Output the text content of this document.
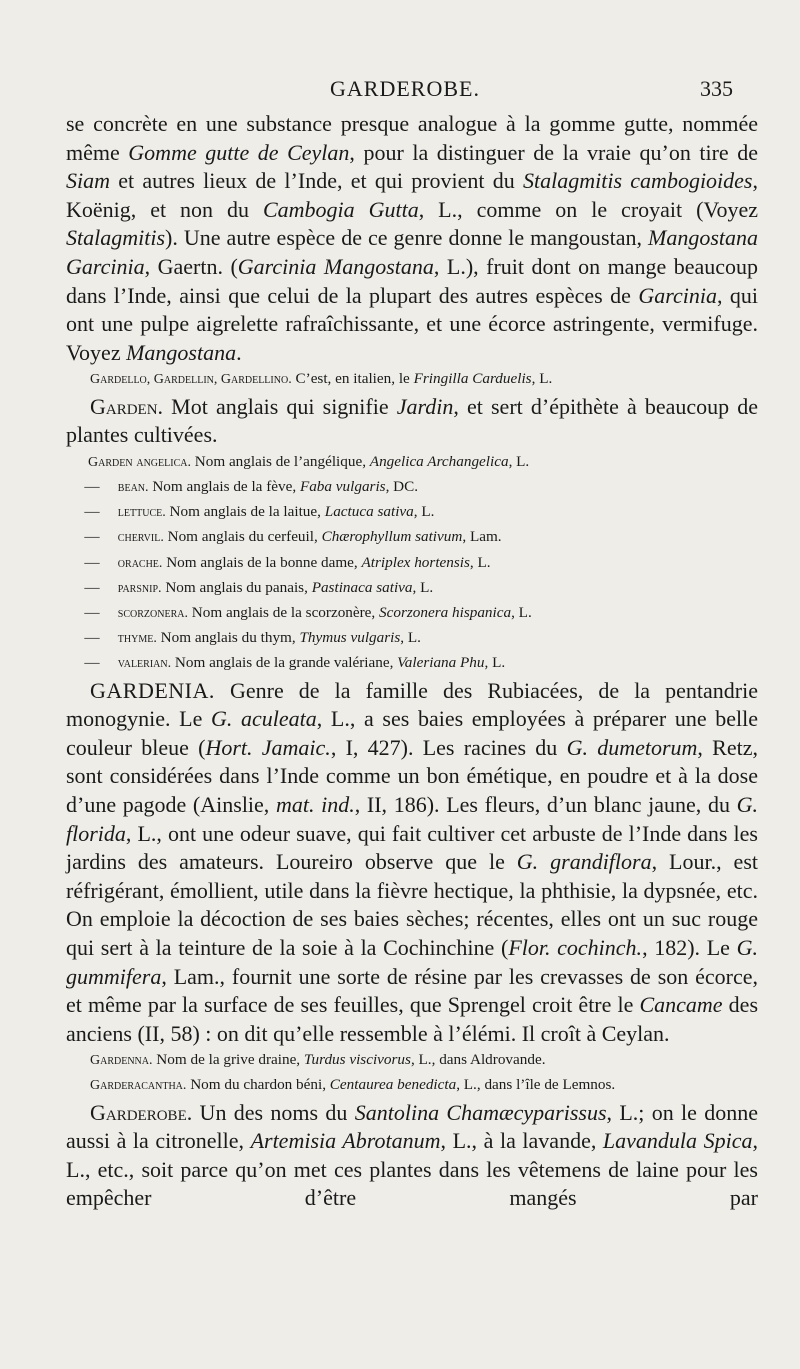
GARDEROBE.	335

se concrète en une substance presque analogue à la gomme gutte, nommée même Gomme gutte de Ceylan, pour la distinguer de la vraie qu’on tire de Siam et autres lieux de l’Inde, et qui provient du Stalagmitis cambogioides, Koënig, et non du Cambogia Gutta, L., comme on le croyait (Voyez Stalagmitis). Une autre espèce de ce genre donne le mangoustan, Mangostana Garcinia, Gaertn. (Garcinia Mangostana, L.), fruit dont on mange beaucoup dans l’Inde, ainsi que celui de la plupart des autres espèces de Garcinia, qui ont une pulpe aigrelette rafraîchissante, et une écorce astringente, vermifuge. Voyez Mangostana.

Gardello, Gardellin, Gardellino. C’est, en italien, le Fringilla Carduelis, L.

Garden. Mot anglais qui signifie Jardin, et sert d’épithète à beaucoup de plantes cultivées.

Garden angelica. Nom anglais de l’angélique, Angelica Archangelica, L.

— bean. Nom anglais de la fève, Faba vulgaris, DC.

— lettuce. Nom anglais de la laitue, Lactuca sativa, L.

— chervil. Nom anglais du cerfeuil, Chærophyllum sativum, Lam.

— orache. Nom anglais de la bonne dame, Atriplex hortensis, L.

— parsnip. Nom anglais du panais, Pastinaca sativa, L.

— scorzonera. Nom anglais de la scorzonère, Scorzonera hispanica, L.

— thyme. Nom anglais du thym, Thymus vulgaris, L.

— valerian. Nom anglais de la grande valériane, Valeriana Phu, L.

GARDENIA. Genre de la famille des Rubiacées, de la pentandrie monogynie. Le G. aculeata, L., a ses baies employées à préparer une belle couleur bleue (Hort. Jamaic., I, 427). Les racines du G. dumetorum, Retz, sont considérées dans l’Inde comme un bon émétique, en poudre et à la dose d’une pagode (Ainslie, mat. ind., II, 186). Les fleurs, d’un blanc jaune, du G. florida, L., ont une odeur suave, qui fait cultiver cet arbuste de l’Inde dans les jardins des amateurs. Loureiro observe que le G. grandiflora, Lour., est réfrigérant, émollient, utile dans la fièvre hectique, la phthisie, la dypsnée, etc. On emploie la décoction de ses baies sèches; récentes, elles ont un suc rouge qui sert à la teinture de la soie à la Cochinchine (Flor. cochinch., 182). Le G. gummifera, Lam., fournit une sorte de résine par les crevasses de son écorce, et même par la surface de ses feuilles, que Sprengel croit être le Cancame des anciens (II, 58) : on dit qu’elle ressemble à l’élémi. Il croît à Ceylan.

Gardenna. Nom de la grive draine, Turdus viscivorus, L., dans Aldrovande.

Garderacantha. Nom du chardon béni, Centaurea benedicta, L., dans l’île de Lemnos.

Garderobe. Un des noms du Santolina Chamæcyparissus, L.; on le donne aussi à la citronelle, Artemisia Abrotanum, L., à la lavande, Lavandula Spica, L., etc., soit parce qu’on met ces plantes dans les vêtemens de laine pour les empêcher d’être mangés par
